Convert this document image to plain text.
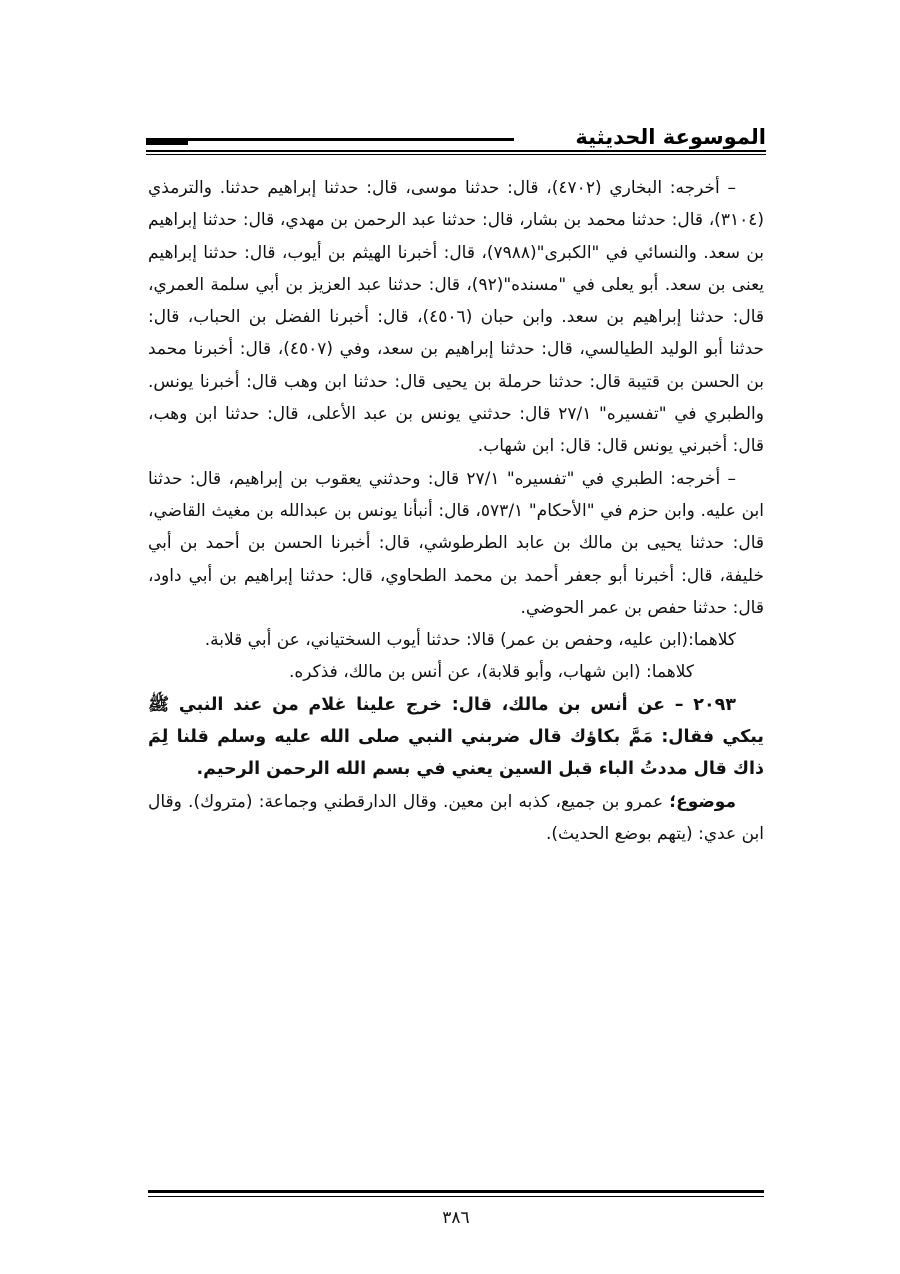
الموسوعة الحديثية

– أخرجه: البخاري (٤٧٠٢)، قال: حدثنا موسى، قال: حدثنا إبراهيم حدثنا. والترمذي (٣١٠٤)، قال: حدثنا محمد بن بشار، قال: حدثنا عبد الرحمن بن مهدي، قال: حدثنا إبراهيم بن سعد. والنسائي في "الكبرى"(٧٩٨٨)، قال: أخبرنا الهيثم بن أيوب، قال: حدثنا إبراهيم يعنى بن سعد. أبو يعلى في "مسنده"(٩٢)، قال: حدثنا عبد العزيز بن أبي سلمة العمري، قال: حدثنا إبراهيم بن سعد. وابن حبان (٤٥٠٦)، قال: أخبرنا الفضل بن الحباب، قال: حدثنا أبو الوليد الطيالسي، قال: حدثنا إبراهيم بن سعد، وفي (٤٥٠٧)، قال: أخبرنا محمد بن الحسن بن قتيبة قال: حدثنا حرملة بن يحيى قال: حدثنا ابن وهب قال: أخبرنا يونس. والطبري في "تفسيره" ٢٧/١ قال: حدثني يونس بن عبد الأعلى، قال: حدثنا ابن وهب، قال: أخبرني يونس قال: قال: ابن شهاب.

– أخرجه: الطبري في "تفسيره" ٢٧/١ قال: وحدثني يعقوب بن إبراهيم، قال: حدثنا ابن عليه. وابن حزم في "الأحكام" ٥٧٣/١، قال: أنبأنا يونس بن عبدالله بن مغيث القاضي، قال: حدثنا يحيى بن مالك بن عابد الطرطوشي، قال: أخبرنا الحسن بن أحمد بن أبي خليفة، قال: أخبرنا أبو جعفر أحمد بن محمد الطحاوي، قال: حدثنا إبراهيم بن أبي داود، قال: حدثنا حفص بن عمر الحوضي.

كلاهما:(ابن عليه، وحفص بن عمر) قالا: حدثنا أيوب السختياني، عن أبي قلابة.

كلاهما: (ابن شهاب، وأبو قلابة)، عن أنس بن مالك، فذكره.

٢٠٩٣ – عن أنس بن مالك، قال: خرج علينا غلام من عند النبي ﷺ يبكي فقال: مَمَّ بكاؤك قال ضربني النبي صلى الله عليه وسلم قلنا لِمَ ذاك قال مددتُ الباء قبل السين يعني في بسم الله الرحمن الرحيم.

موضوع؛ عمرو بن جميع، كذبه ابن معين. وقال الدارقطني وجماعة: (متروك). وقال ابن عدي: (يتهم بوضع الحديث).

٣٨٦
